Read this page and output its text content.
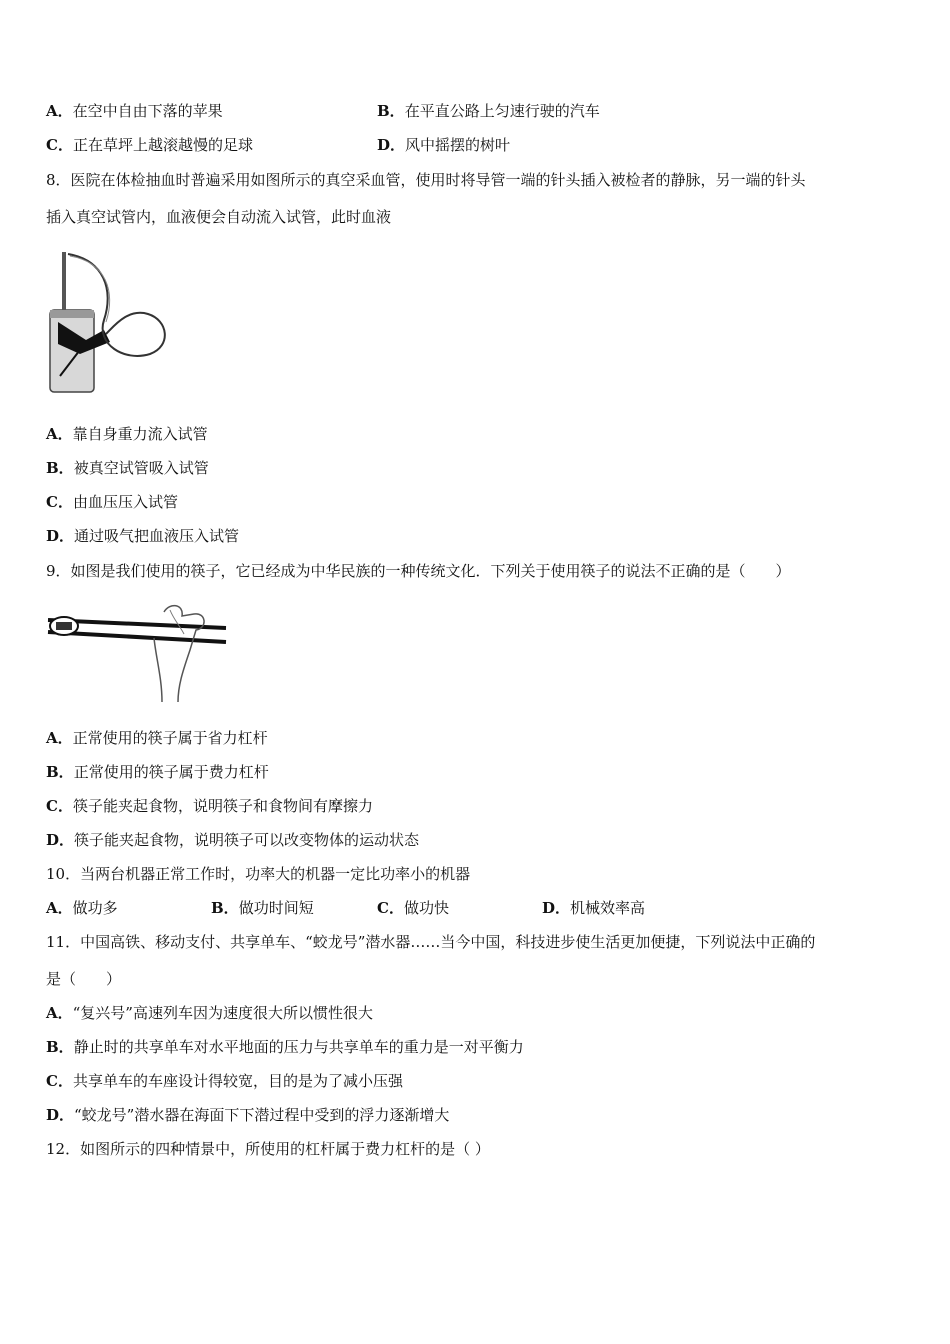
A．在空中自由下落的苹果	B．在平直公路上匀速行驶的汽车
C．正在草坪上越滚越慢的足球	D．风中摇摆的树叶
8．医院在体检抽血时普遍采用如图所示的真空采血管，使用时将导管一端的针头插入被检者的静脉，另一端的针头
插入真空试管内，血液便会自动流入试管，此时血液
A．靠自身重力流入试管
B．被真空试管吸入试管
C．由血压压入试管
D．通过吸气把血液压入试管
9．如图是我们使用的筷子，它已经成为中华民族的一种传统文化．下列关于使用筷子的说法不正确的是（　　）
A．正常使用的筷子属于省力杠杆
B．正常使用的筷子属于费力杠杆
C．筷子能夹起食物，说明筷子和食物间有摩擦力
D．筷子能夹起食物，说明筷子可以改变物体的运动状态
10．当两台机器正常工作时，功率大的机器一定比功率小的机器
A．做功多	B．做功时间短	C．做功快	D．机械效率高
11．中国高铁、移动支付、共享单车、“蛟龙号”潜水器……当今中国，科技进步使生活更加便捷，下列说法中正确的
是（　　）
A．“复兴号”高速列车因为速度很大所以惯性很大
B．静止时的共享单车对水平地面的压力与共享单车的重力是一对平衡力
C．共享单车的车座设计得较宽，目的是为了减小压强
D．“蛟龙号”潜水器在海面下下潜过程中受到的浮力逐渐增大
12．如图所示的四种情景中，所使用的杠杆属于费力杠杆的是（ ）
